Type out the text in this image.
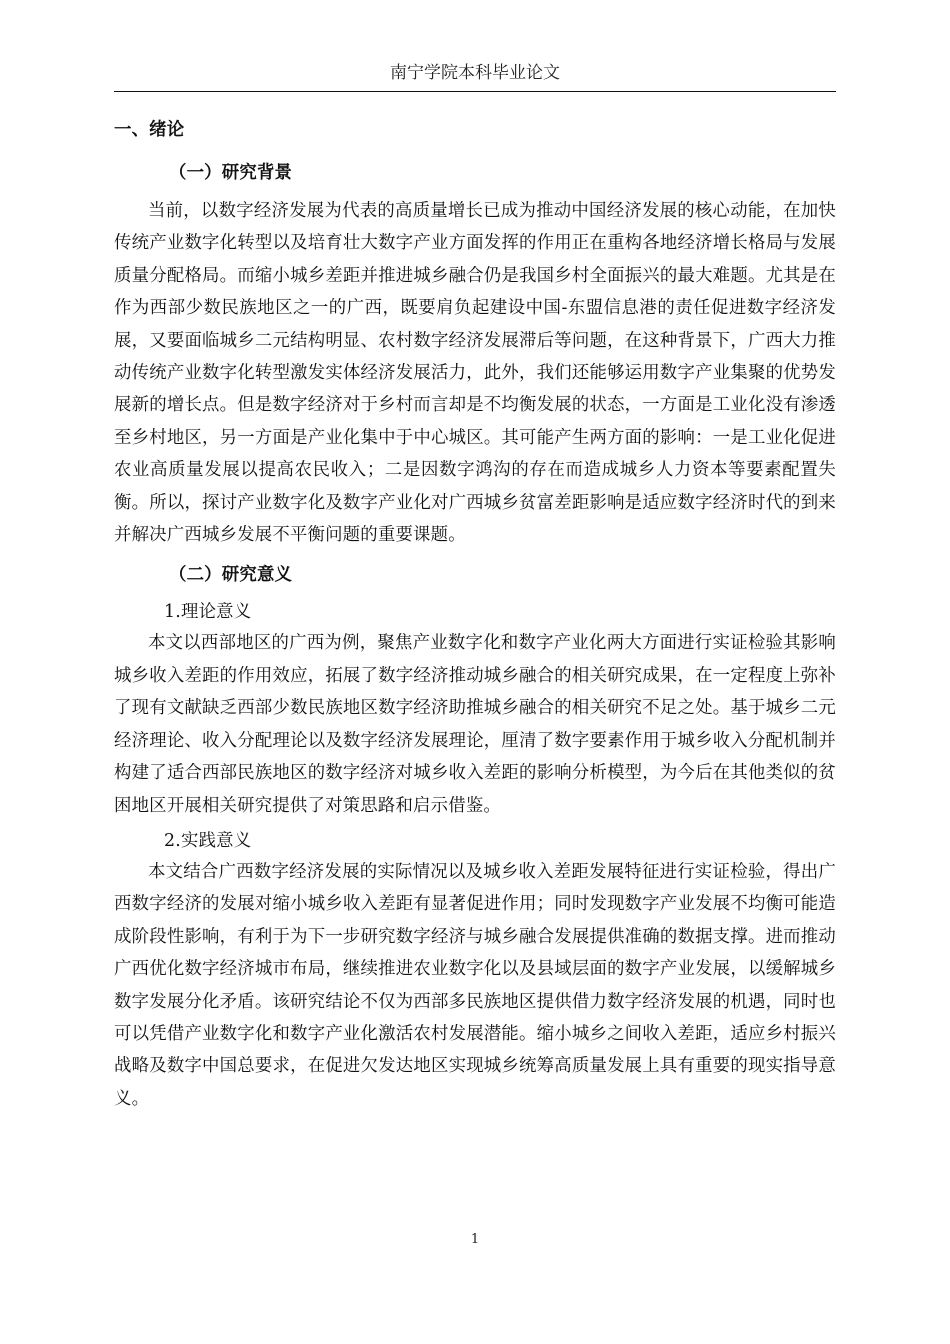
南宁学院本科毕业论文
一、绪论
（一）研究背景

当前，以数字经济发展为代表的高质量增长已成为推动中国经济发展的核心动能，在加快传统产业数字化转型以及培育壮大数字产业方面发挥的作用正在重构各地经济增长格局与发展质量分配格局。而缩小城乡差距并推进城乡融合仍是我国乡村全面振兴的最大难题。尤其是在作为西部少数民族地区之一的广西，既要肩负起建设中国-东盟信息港的责任促进数字经济发展，又要面临城乡二元结构明显、农村数字经济发展滞后等问题，在这种背景下，广西大力推动传统产业数字化转型激发实体经济发展活力，此外，我们还能够运用数字产业集聚的优势发展新的增长点。但是数字经济对于乡村而言却是不均衡发展的状态，一方面是工业化没有渗透至乡村地区，另一方面是产业化集中于中心城区。其可能产生两方面的影响：一是工业化促进农业高质量发展以提高农民收入；二是因数字鸿沟的存在而造成城乡人力资本等要素配置失衡。所以，探讨产业数字化及数字产业化对广西城乡贫富差距影响是适应数字经济时代的到来并解决广西城乡发展不平衡问题的重要课题。

（二）研究意义
1.理论意义

本文以西部地区的广西为例，聚焦产业数字化和数字产业化两大方面进行实证检验其影响城乡收入差距的作用效应，拓展了数字经济推动城乡融合的相关研究成果，在一定程度上弥补了现有文献缺乏西部少数民族地区数字经济助推城乡融合的相关研究不足之处。基于城乡二元经济理论、收入分配理论以及数字经济发展理论，厘清了数字要素作用于城乡收入分配机制并构建了适合西部民族地区的数字经济对城乡收入差距的影响分析模型，为今后在其他类似的贫困地区开展相关研究提供了对策思路和启示借鉴。

2.实践意义

本文结合广西数字经济发展的实际情况以及城乡收入差距发展特征进行实证检验，得出广西数字经济的发展对缩小城乡收入差距有显著促进作用；同时发现数字产业发展不均衡可能造成阶段性影响，有利于为下一步研究数字经济与城乡融合发展提供准确的数据支撑。进而推动广西优化数字经济城市布局，继续推进农业数字化以及县域层面的数字产业发展，以缓解城乡数字发展分化矛盾。该研究结论不仅为西部多民族地区提供借力数字经济发展的机遇，同时也可以凭借产业数字化和数字产业化激活农村发展潜能。缩小城乡之间收入差距，适应乡村振兴战略及数字中国总要求，在促进欠发达地区实现城乡统筹高质量发展上具有重要的现实指导意义。

1
